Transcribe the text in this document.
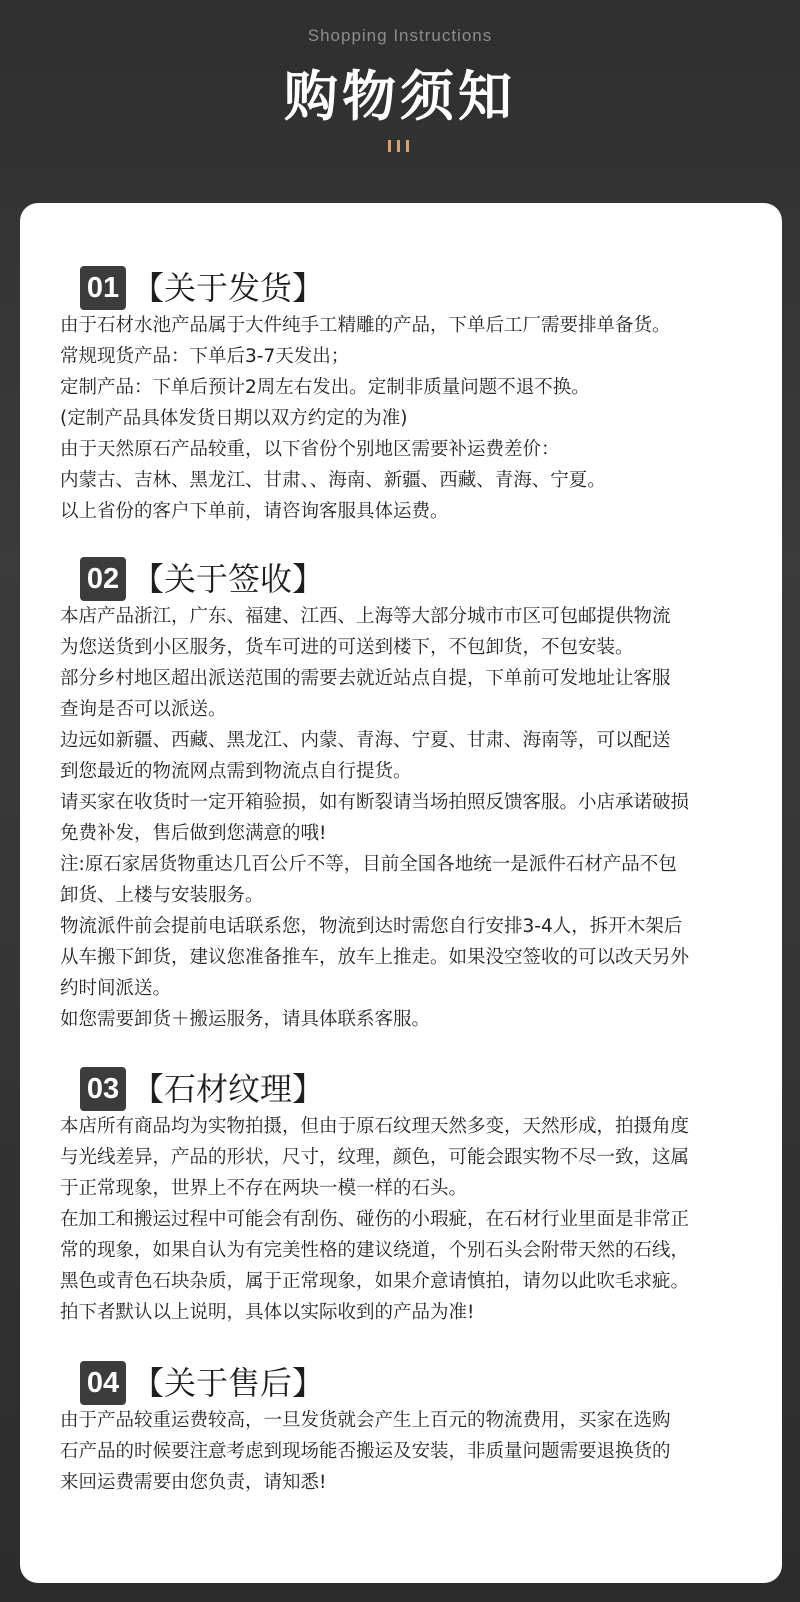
Shopping Instructions
购物须知
01 【关于发货】
由于石材水池产品属于大件纯手工精雕的产品，下单后工厂需要排单备货。
常规现货产品：下单后3-7天发出；
定制产品：下单后预计2周左右发出。定制非质量问题不退不换。
(定制产品具体发货日期以双方约定的为准)
由于天然原石产品较重，以下省份个别地区需要补运费差价：
内蒙古、吉林、黑龙江、甘肃、、海南、新疆、西藏、青海、宁夏。
以上省份的客户下单前，请咨询客服具体运费。
02 【关于签收】
本店产品浙江，广东、福建、江西、上海等大部分城市市区可包邮提供物流
为您送货到小区服务，货车可进的可送到楼下，不包卸货，不包安装。
部分乡村地区超出派送范围的需要去就近站点自提，下单前可发地址让客服
查询是否可以派送。
边远如新疆、西藏、黑龙江、内蒙、青海、宁夏、甘肃、海南等，可以配送
到您最近的物流网点需到物流点自行提货。
请买家在收货时一定开箱验损，如有断裂请当场拍照反馈客服。小店承诺破损
免费补发，售后做到您满意的哦!
注:原石家居货物重达几百公斤不等，目前全国各地统一是派件石材产品不包
卸货、上楼与安装服务。
物流派件前会提前电话联系您，物流到达时需您自行安排3-4人，拆开木架后
从车搬下卸货，建议您准备推车，放车上推走。如果没空签收的可以改天另外
约时间派送。
如您需要卸货＋搬运服务，请具体联系客服。
03 【石材纹理】
本店所有商品均为实物拍摄，但由于原石纹理天然多变，天然形成，拍摄角度
与光线差异，产品的形状，尺寸，纹理，颜色，可能会跟实物不尽一致，这属
于正常现象，世界上不存在两块一模一样的石头。
在加工和搬运过程中可能会有刮伤、碰伤的小瑕疵，在石材行业里面是非常正
常的现象，如果自认为有完美性格的建议绕道，个别石头会附带天然的石线，
黑色或青色石块杂质，属于正常现象，如果介意请慎拍，请勿以此吹毛求疵。
拍下者默认以上说明，具体以实际收到的产品为准!
04 【关于售后】
由于产品较重运费较高，一旦发货就会产生上百元的物流费用，买家在选购
石产品的时候要注意考虑到现场能否搬运及安装，非质量问题需要退换货的
来回运费需要由您负责，请知悉!
